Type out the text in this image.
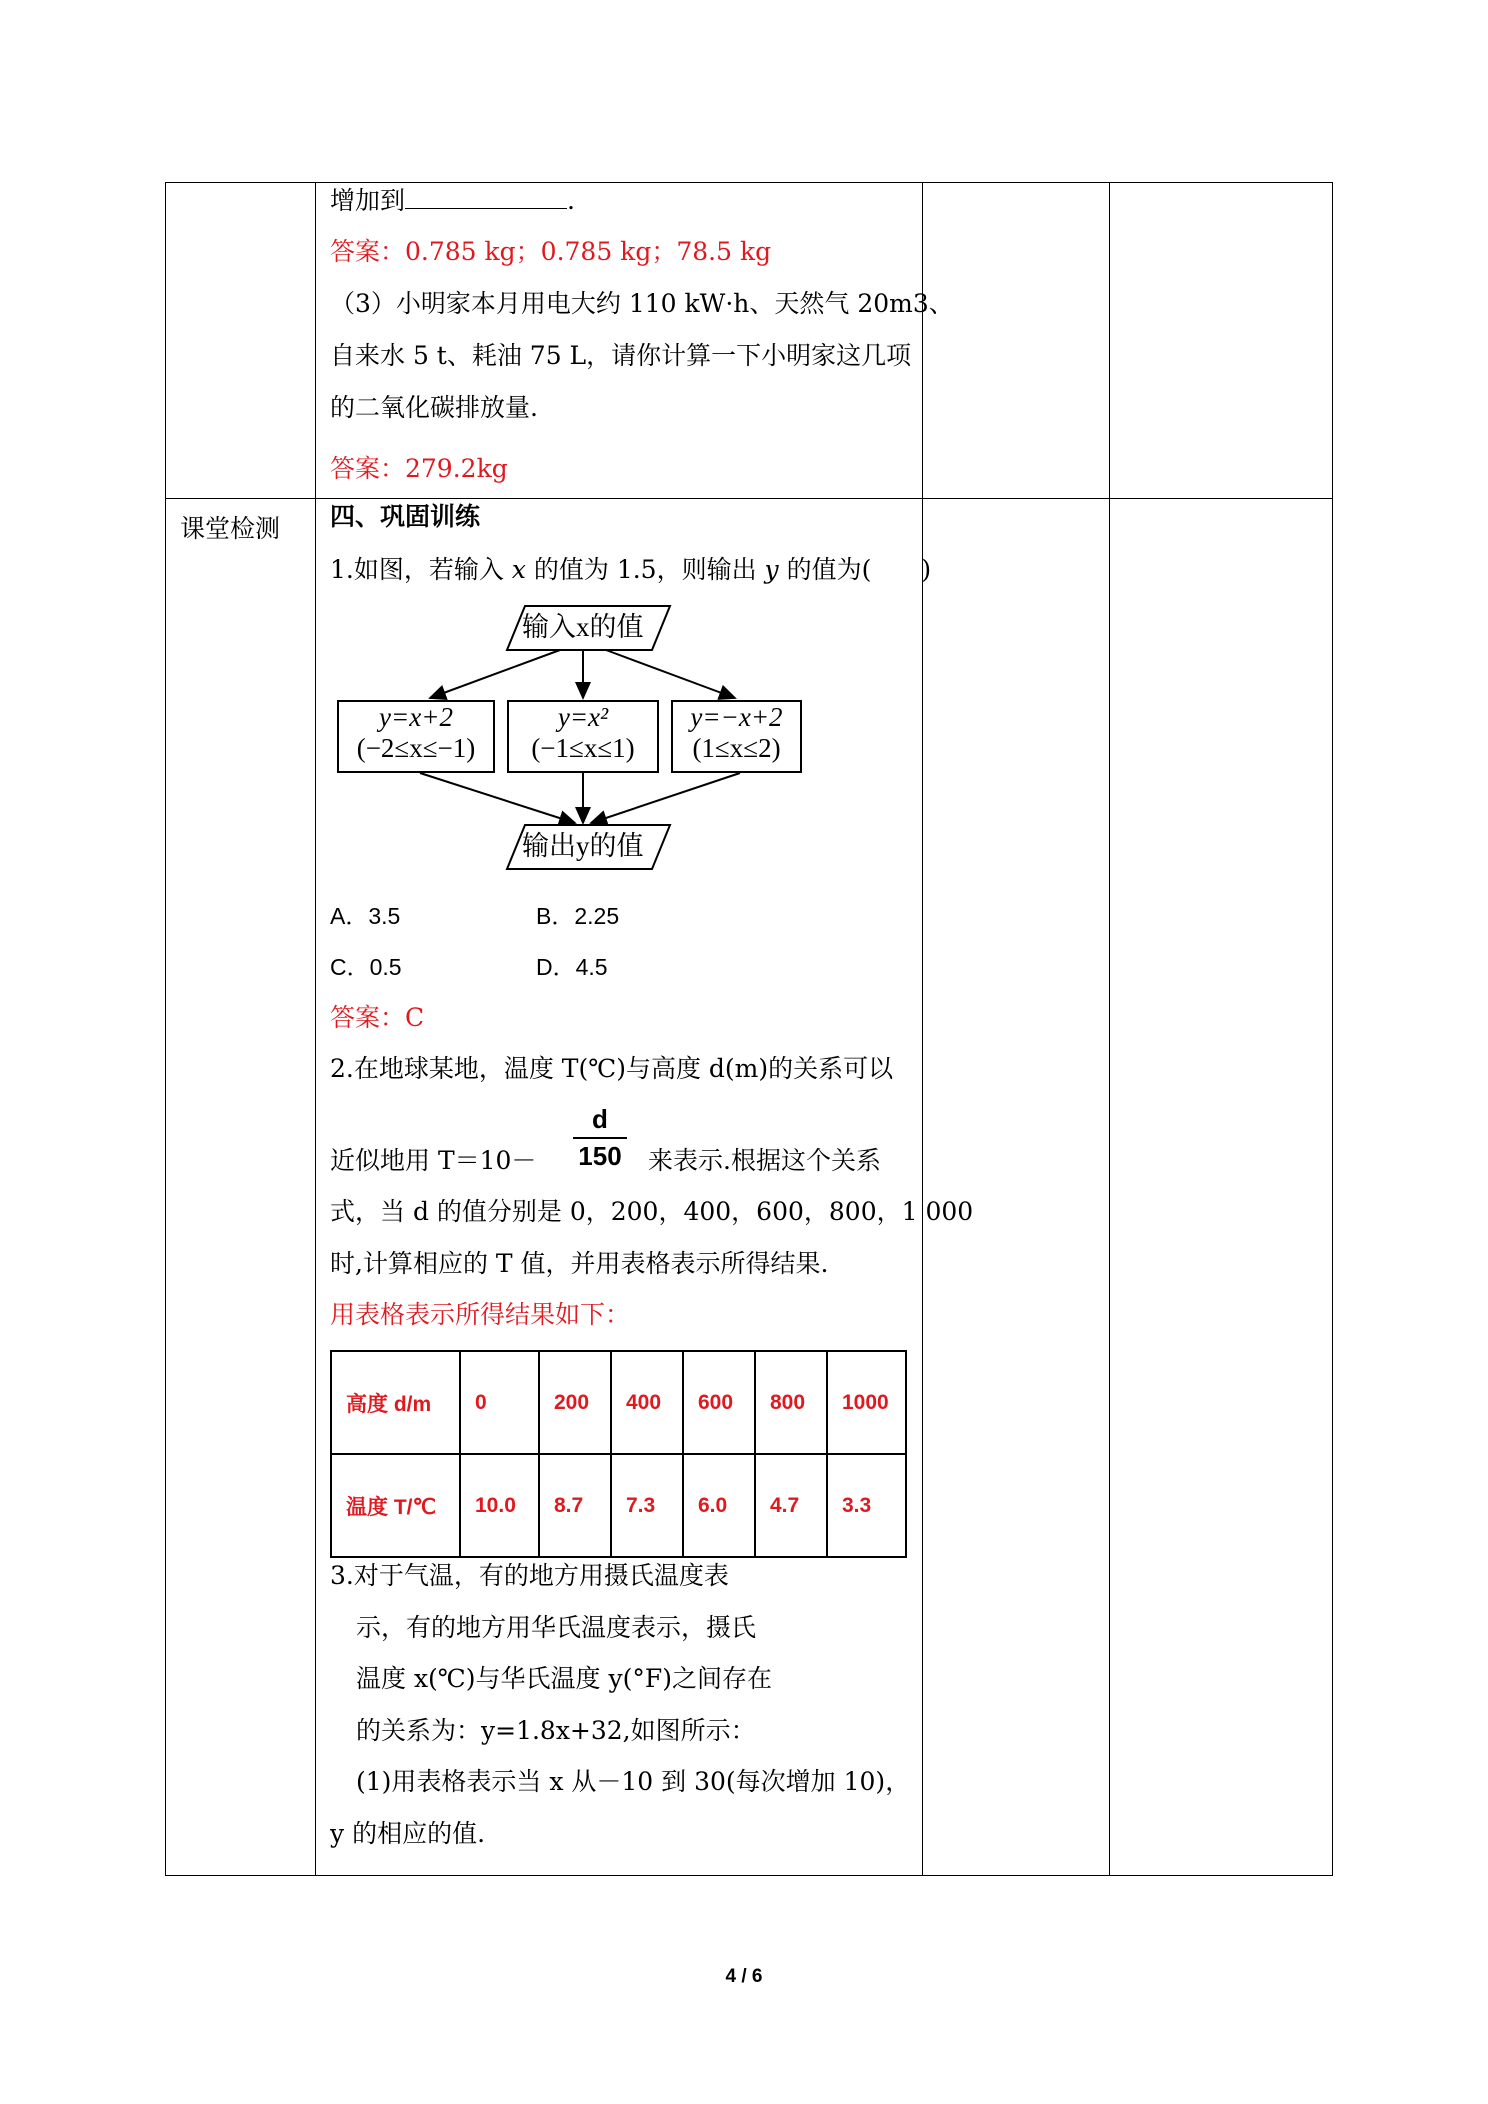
增加到	.
答案：0.785 kg；0.785 kg；78.5 kg
（3）小明家本月用电大约 110 kW·h、天然气 20m3、
自来水 5 t、耗油 75 L，请你计算一下小明家这几项
的二氧化碳排放量.
答案：279.2kg
课堂检测 四、巩固训练
1.如图，若输入 x 的值为 1.5，则输出 y 的值为(　　)
输入x的值
输出y的值
y=x+2
(−2≤x≤−1)
y=x²
(−1≤x≤1)
y=−x+2
(1≤x≤2)
A．3.5	B．2.25
C．0.5	D．4.5
答案：C
2.在地球某地，温度 T(℃)与高度 d(m)的关系可以
近似地用 T＝10－
d
150 来表示.根据这个关系
式，当 d 的值分别是 0，200，400，600，800，1 000
时,计算相应的 T 值，并用表格表示所得结果.
用表格表示所得结果如下：
高度 d/m	0	200	400	600	800	1000
温度 T/℃	10.0	8.7	7.3	6.0	4.7	3.3
3.对于气温，有的地方用摄氏温度表
示，有的地方用华氏温度表示，摄氏
温度 x(℃)与华氏温度 y(°F)之间存在
的关系为：y=1.8x+32,如图所示：
(1)用表格表示当 x 从－10 到 30(每次增加 10)，
y 的相应的值.
4 / 6
